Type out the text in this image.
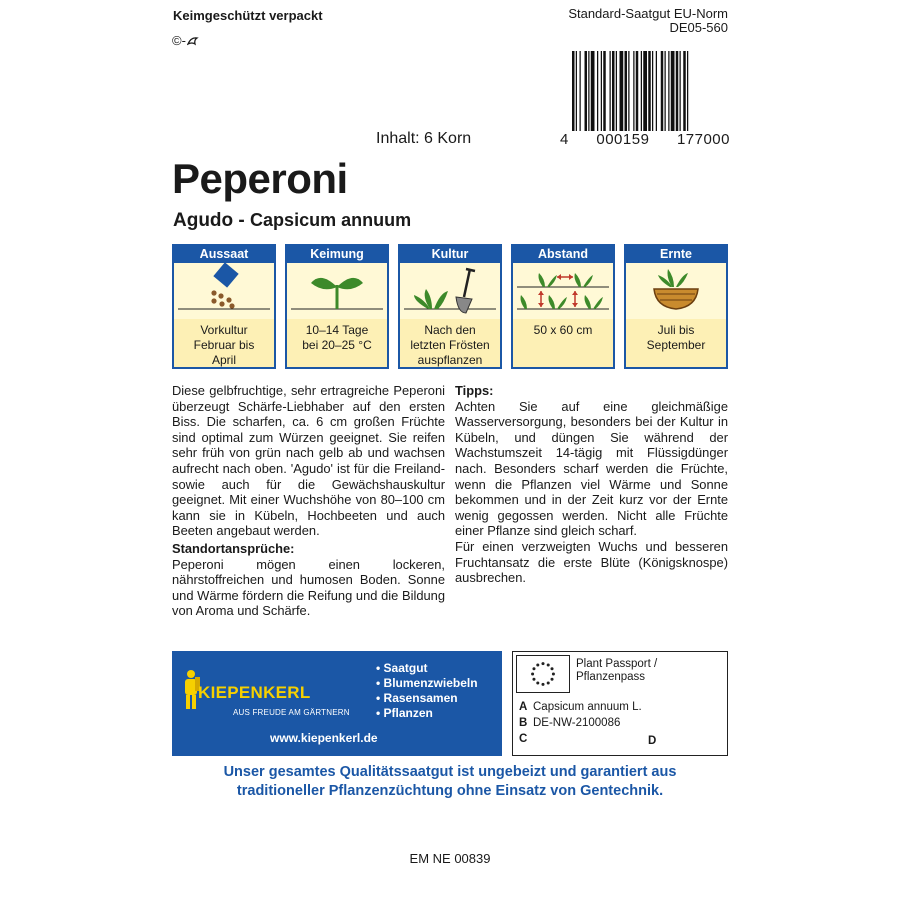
Keimgeschützt verpackt
©-
Standard-Saatgut EU-Norm
DE05-560
4 000159 177000
Inhalt: 6 Korn
Peperoni
Agudo - Capsicum annuum
Aussaat
Vorkultur
Februar bis
April
Keimung
10–14 Tage
bei 20–25 °C
Kultur
Nach den
letzten Frösten
auspflanzen
Abstand
50 x 60 cm
Ernte
Juli bis
September
Diese gelbfruchtige, sehr ertragreiche Peperoni überzeugt Schärfe-Liebhaber auf den ersten Biss. Die scharfen, ca. 6 cm großen Früchte sind optimal zum Würzen geeignet. Sie reifen sehr früh von grün nach gelb ab und wachsen aufrecht nach oben. 'Agudo' ist für die Freiland- sowie auch für die Gewächshauskultur geeignet. Mit einer Wuchshöhe von 80–100 cm kann sie in Kübeln, Hochbeeten und auch Beeten angebaut werden.
Standortansprüche:
Peperoni mögen einen lockeren, nährstoffreichen und humosen Boden. Sonne und Wärme fördern die Reifung und die Bildung von Aroma und Schärfe.
Tipps:
Achten Sie auf eine gleichmäßige Wasserversorgung, besonders bei der Kultur in Kübeln, und düngen Sie während der Wachstumszeit 14-tägig mit Flüssigdünger nach. Besonders scharf werden die Früchte, wenn die Pflanzen viel Wärme und Sonne bekommen und in der Zeit kurz vor der Ernte wenig gegossen werden. Nicht alle Früchte einer Pflanze sind gleich scharf.
Für einen verzweigten Wuchs und besseren Fruchtansatz die erste Blüte (Königsknospe) ausbrechen.
KIEPENKERL
AUS FREUDE AM GÄRTNERN
• Saatgut
• Blumenzwiebeln
• Rasensamen
• Pflanzen
www.kiepenkerl.de
Plant Passport /
Pflanzenpass
A Capsicum annuum L.
B DE-NW-2100086
C	D
Unser gesamtes Qualitätssaatgut ist ungebeizt und garantiert aus
traditioneller Pflanzenzüchtung ohne Einsatz von Gentechnik.
EM NE 00839
